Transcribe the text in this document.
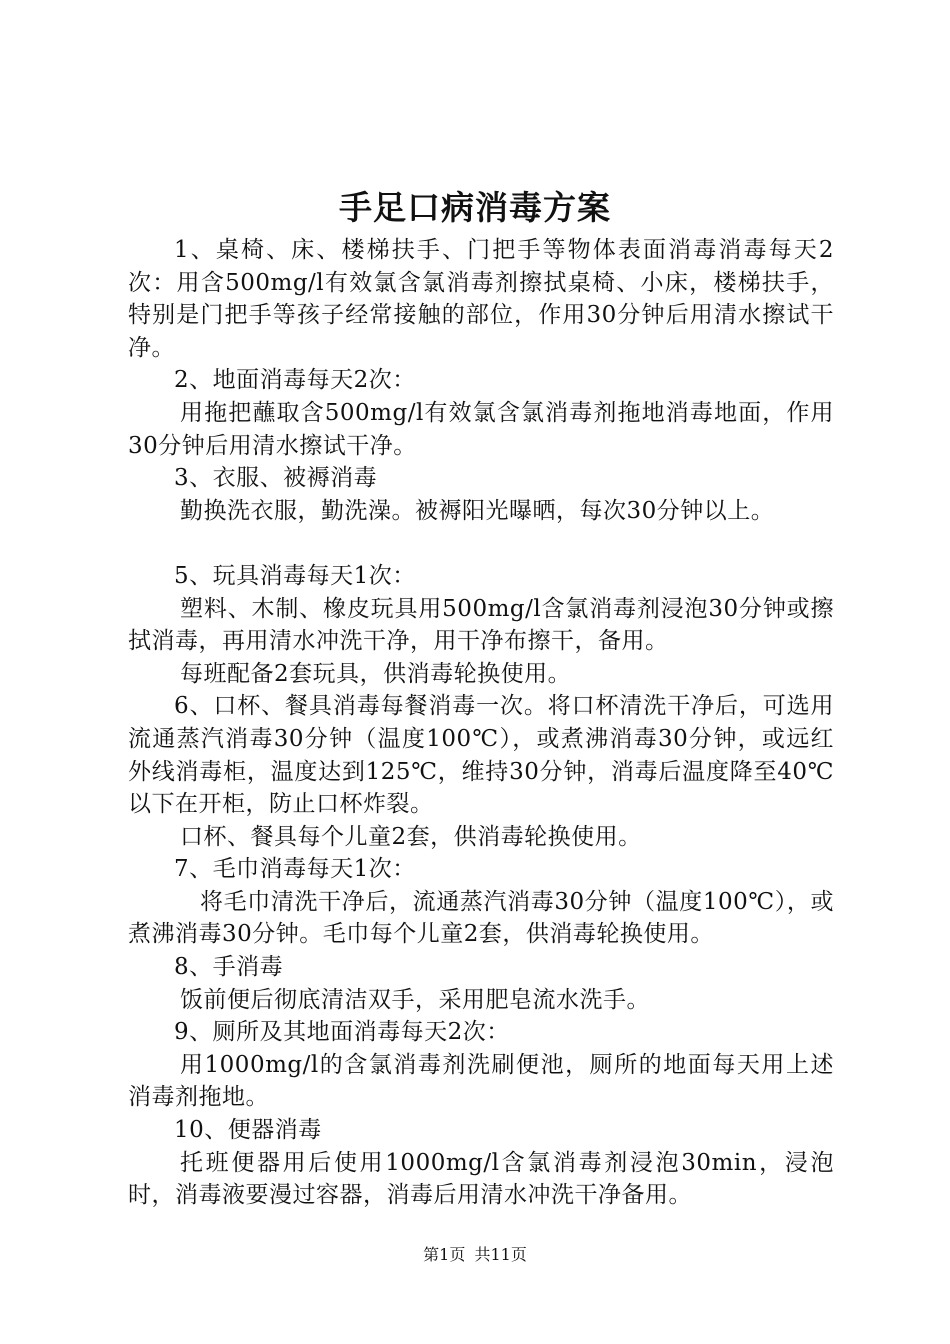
手足口病消毒方案

1、桌椅、床、楼梯扶手、门把手等物体表面消毒消毒每天2次：用含500mg/l有效氯含氯消毒剂擦拭桌椅、小床，楼梯扶手，特别是门把手等孩子经常接触的部位，作用30分钟后用清水擦试干净。

2、地面消毒每天2次：

用拖把蘸取含500mg/l有效氯含氯消毒剂拖地消毒地面，作用30分钟后用清水擦试干净。

3、衣服、被褥消毒

勤换洗衣服，勤洗澡。被褥阳光曝晒，每次30分钟以上。

5、玩具消毒每天1次：

塑料、木制、橡皮玩具用500mg/l含氯消毒剂浸泡30分钟或擦拭消毒，再用清水冲洗干净，用干净布擦干，备用。

每班配备2套玩具，供消毒轮换使用。

6、口杯、餐具消毒每餐消毒一次。将口杯清洗干净后，可选用流通蒸汽消毒30分钟（温度100℃），或煮沸消毒30分钟，或远红外线消毒柜，温度达到125℃，维持30分钟，消毒后温度降至40℃以下在开柜，防止口杯炸裂。

口杯、餐具每个儿童2套，供消毒轮换使用。

7、毛巾消毒每天1次：

将毛巾清洗干净后，流通蒸汽消毒30分钟（温度100℃），或煮沸消毒30分钟。毛巾每个儿童2套，供消毒轮换使用。

8、手消毒

饭前便后彻底清洁双手，采用肥皂流水洗手。

9、厕所及其地面消毒每天2次：

用1000mg/l的含氯消毒剂洗刷便池，厕所的地面每天用上述消毒剂拖地。

10、便器消毒

托班便器用后使用1000mg/l含氯消毒剂浸泡30min，浸泡时，消毒液要漫过容器，消毒后用清水冲洗干净备用。

第1页 共11页
